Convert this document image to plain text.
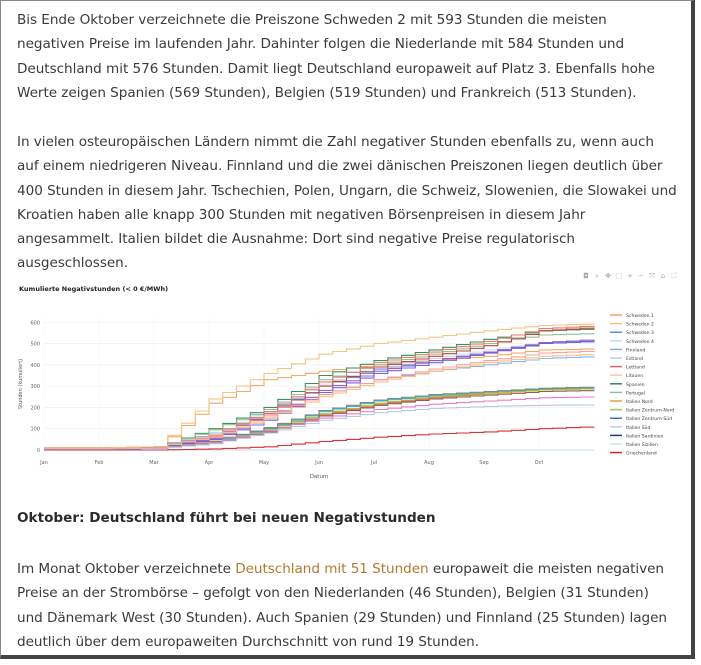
Bis Ende Oktober verzeichnete die Preiszone Schweden 2 mit 593 Stunden die meisten negativen Preise im laufenden Jahr. Dahinter folgen die Niederlande mit 584 Stunden und Deutschland mit 576 Stunden. Damit liegt Deutschland europaweit auf Platz 3. Ebenfalls hohe Werte zeigen Spanien (569 Stunden), Belgien (519 Stunden) und Frankreich (513 Stunden).

In vielen osteuropäischen Ländern nimmt die Zahl negativer Stunden ebenfalls zu, wenn auch auf einem niedrigeren Niveau. Finnland und die zwei dänischen Preiszonen liegen deutlich über 400 Stunden in diesem Jahr. Tschechien, Polen, Ungarn, die Schweiz, Slowenien, die Slowakei und Kroatien haben alle knapp 300 Stunden mit negativen Börsenpreisen in diesem Jahr angesammelt. Italien bildet die Ausnahme: Dort sind negative Preise regulatorisch ausgeschlossen.

◘ ⌕ ✥ ⬚ + − ⤧ ⌂ ⛶
Kumulierte Negativstunden (< 0 €/MWh)
0
100
200
300
400
500
600
Jan	Feb	Mar	Apr	May	Jun	Jul	Aug	Sep	Oct
Datum
Stunden (kumuliert)
Schweden 1
Schweden 2
Schweden 3
Schweden 4
Finnland
Estland
Lettland
Litauen
Spanien
Portugal
Italien Nord
Italien Zentrum-Nord
Italien Zentrum-Süd
Italien Süd
Italien Sardinien
Italien Sizilien
Griechenland
Oktober: Deutschland führt bei neuen Negativstunden

Im Monat Oktober verzeichnete Deutschland mit 51 Stunden europaweit die meisten negativen Preise an der Strombörse – gefolgt von den Niederlanden (46 Stunden), Belgien (31 Stunden) und Dänemark West (30 Stunden). Auch Spanien (29 Stunden) und Finnland (25 Stunden) lagen deutlich über dem europaweiten Durchschnitt von rund 19 Stunden.
